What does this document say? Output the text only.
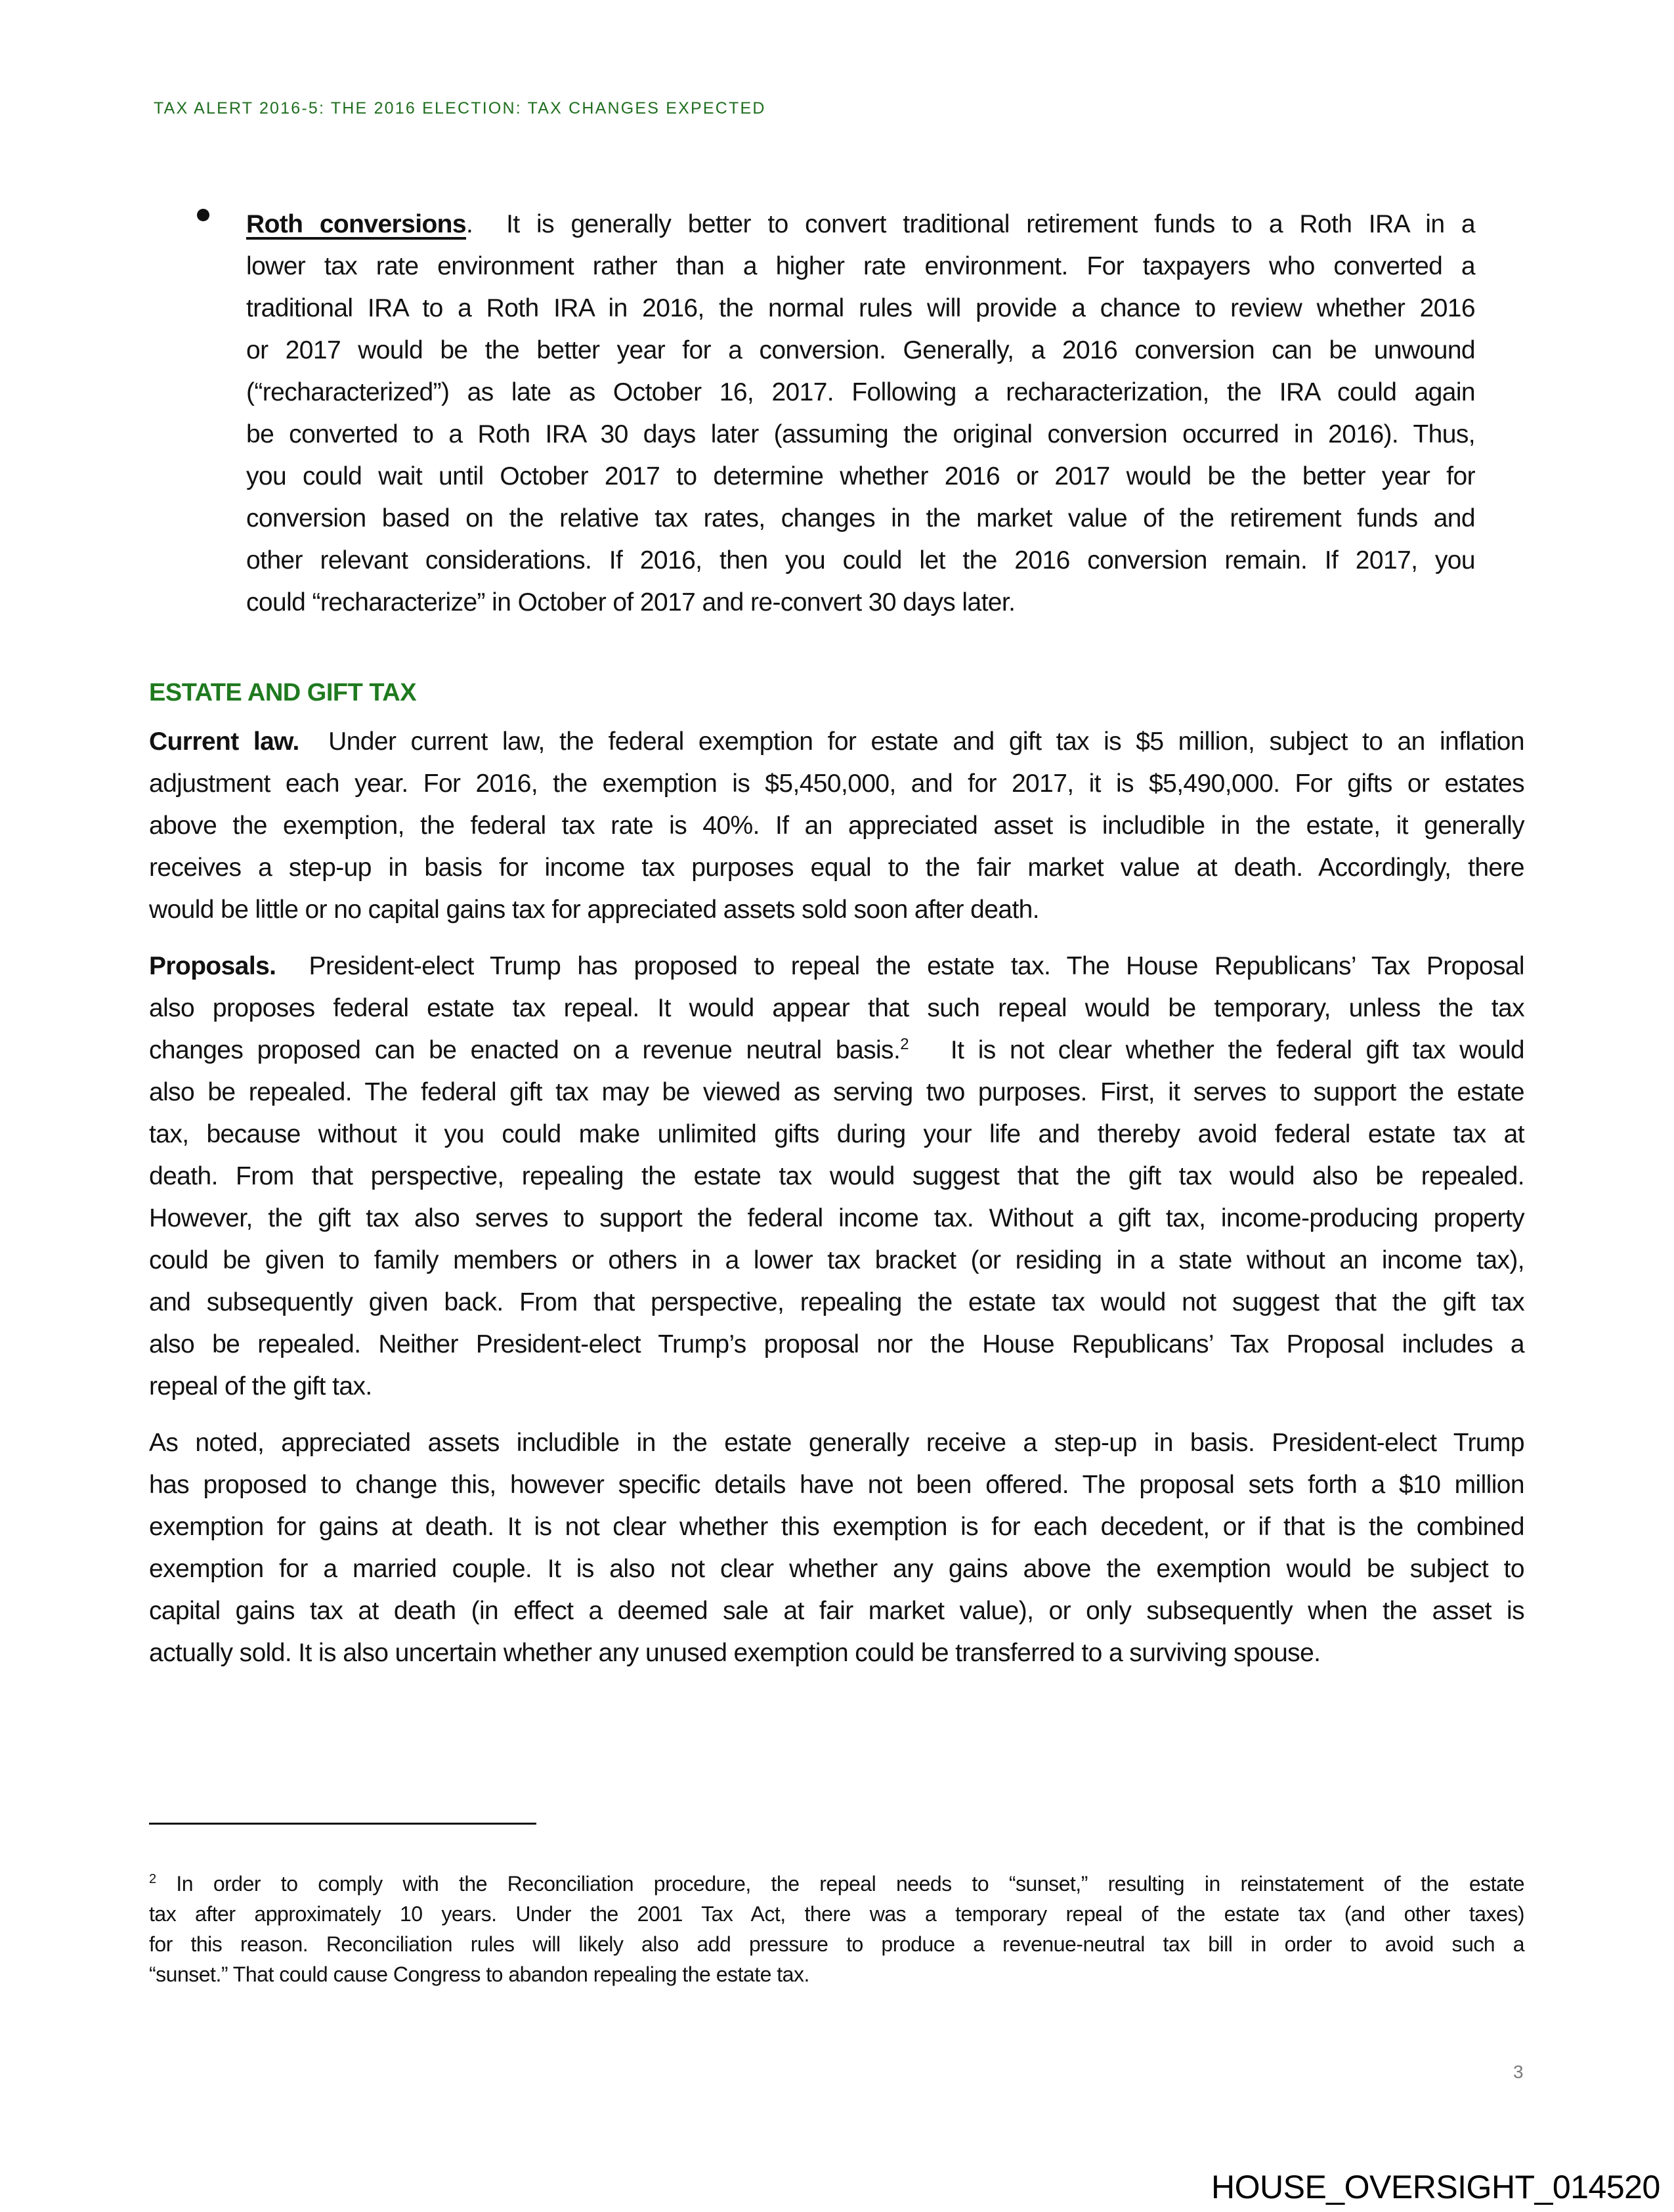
TAX ALERT 2016-5: THE 2016 ELECTION: TAX CHANGES EXPECTED
Roth conversions. It is generally better to convert traditional retirement funds to a Roth IRA in a
lower tax rate environment rather than a higher rate environment. For taxpayers who converted a
traditional IRA to a Roth IRA in 2016, the normal rules will provide a chance to review whether 2016
or 2017 would be the better year for a conversion. Generally, a 2016 conversion can be unwound
(“recharacterized”) as late as October 16, 2017. Following a recharacterization, the IRA could again
be converted to a Roth IRA 30 days later (assuming the original conversion occurred in 2016). Thus,
you could wait until October 2017 to determine whether 2016 or 2017 would be the better year for
conversion based on the relative tax rates, changes in the market value of the retirement funds and
other relevant considerations. If 2016, then you could let the 2016 conversion remain. If 2017, you
could “recharacterize” in October of 2017 and re-convert 30 days later.
ESTATE AND GIFT TAX
Current law. Under current law, the federal exemption for estate and gift tax is $5 million, subject to an inflation
adjustment each year. For 2016, the exemption is $5,450,000, and for 2017, it is $5,490,000. For gifts or estates
above the exemption, the federal tax rate is 40%. If an appreciated asset is includible in the estate, it generally
receives a step-up in basis for income tax purposes equal to the fair market value at death. Accordingly, there
would be little or no capital gains tax for appreciated assets sold soon after death.
Proposals. President-elect Trump has proposed to repeal the estate tax. The House Republicans’ Tax Proposal
also proposes federal estate tax repeal. It would appear that such repeal would be temporary, unless the tax
changes proposed can be enacted on a revenue neutral basis.$^2$ It is not clear whether the federal gift tax would
also be repealed. The federal gift tax may be viewed as serving two purposes. First, it serves to support the estate
tax, because without it you could make unlimited gifts during your life and thereby avoid federal estate tax at
death. From that perspective, repealing the estate tax would suggest that the gift tax would also be repealed.
However, the gift tax also serves to support the federal income tax. Without a gift tax, income-producing property
could be given to family members or others in a lower tax bracket (or residing in a state without an income tax),
and subsequently given back. From that perspective, repealing the estate tax would not suggest that the gift tax
also be repealed. Neither President-elect Trump’s proposal nor the House Republicans’ Tax Proposal includes a
repeal of the gift tax.
As noted, appreciated assets includible in the estate generally receive a step-up in basis. President-elect Trump
has proposed to change this, however specific details have not been offered. The proposal sets forth a $10 million
exemption for gains at death. It is not clear whether this exemption is for each decedent, or if that is the combined
exemption for a married couple. It is also not clear whether any gains above the exemption would be subject to
capital gains tax at death (in effect a deemed sale at fair market value), or only subsequently when the asset is
actually sold. It is also uncertain whether any unused exemption could be transferred to a surviving spouse.
$^2$ In order to comply with the Reconciliation procedure, the repeal needs to “sunset,” resulting in reinstatement of the estate
tax after approximately 10 years. Under the 2001 Tax Act, there was a temporary repeal of the estate tax (and other taxes)
for this reason. Reconciliation rules will likely also add pressure to produce a revenue-neutral tax bill in order to avoid such a
“sunset.” That could cause Congress to abandon repealing the estate tax.
3
HOUSE_OVERSIGHT_014520
